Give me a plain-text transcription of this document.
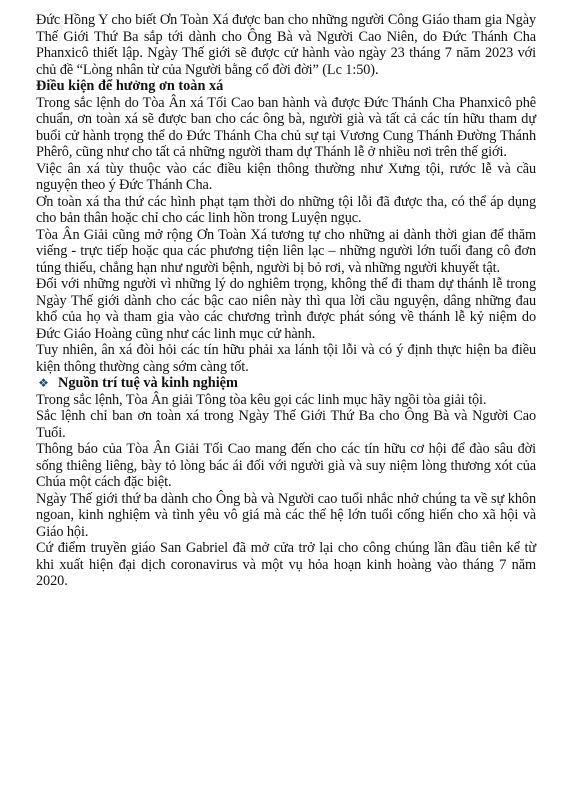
Đức Hồng Y cho biết Ơn Toàn Xá được ban cho những người Công Giáo tham gia Ngày Thế Giới Thứ Ba sắp tới dành cho Ông Bà và Người Cao Niên, do Đức Thánh Cha Phanxicô thiết lập. Ngày Thế giới sẽ được cử hành vào ngày 23 tháng 7 năm 2023 với chủ đề “Lòng nhân từ của Người bằng cổ đời đời” (Lc 1:50).

Điều kiện để hưởng ơn toàn xá

Trong sắc lệnh do Tòa Ân xá Tối Cao ban hành và được Đức Thánh Cha Phanxicô phê chuẩn, ơn toàn xá sẽ được ban cho các ông bà, người già và tất cả các tín hữu tham dự buổi cử hành trọng thể do Đức Thánh Cha chủ sự tại Vương Cung Thánh Đường Thánh Phêrô, cũng như cho tất cả những người tham dự Thánh lễ ở nhiều nơi trên thế giới.

Việc ân xá tùy thuộc vào các điều kiện thông thường như Xưng tội, rước lễ và cầu nguyện theo ý Đức Thánh Cha.

Ơn toàn xá tha thứ các hình phạt tạm thời do những tội lỗi đã được tha, có thể áp dụng cho bản thân hoặc chỉ cho các linh hồn trong Luyện ngục.

Tòa Ân Giải cũng mở rộng Ơn Toàn Xá tương tự cho những ai dành thời gian để thăm viếng - trực tiếp hoặc qua các phương tiện liên lạc – những người lớn tuổi đang cô đơn túng thiếu, chẳng hạn như người bệnh, người bị bỏ rơi, và những người khuyết tật.

Đối với những người vì những lý do nghiêm trọng, không thể đi tham dự thánh lễ trong Ngày Thế giới dành cho các bậc cao niên này thì qua lời cầu nguyện, dâng những đau khổ của họ và tham gia vào các chương trình được phát sóng về thánh lễ kỷ niệm do Đức Giáo Hoàng cũng như các linh mục cử hành.

Tuy nhiên, ân xá đòi hỏi các tín hữu phải xa lánh tội lỗi và có ý định thực hiện ba điều kiện thông thường càng sớm càng tốt.

❖ Nguồn trí tuệ và kinh nghiệm

Trong sắc lệnh, Tòa Ân giải Tông tòa kêu gọi các linh mục hãy ngồi tòa giải tội.

Sắc lệnh chỉ ban ơn toàn xá trong Ngày Thế Giới Thứ Ba cho Ông Bà và Người Cao Tuổi.

Thông báo của Tòa Ân Giải Tối Cao mang đến cho các tín hữu cơ hội để đào sâu đời sống thiêng liêng, bày tỏ lòng bác ái đối với người già và suy niệm lòng thương xót của Chúa một cách đặc biệt.

Ngày Thế giới thứ ba dành cho Ông bà và Người cao tuổi nhắc nhở chúng ta về sự khôn ngoan, kinh nghiệm và tình yêu vô giá mà các thế hệ lớn tuổi cống hiến cho xã hội và Giáo hội.

Cứ điểm truyền giáo San Gabriel đã mở cửa trở lại cho công chúng lần đầu tiên kể từ khi xuất hiện đại dịch coronavirus và một vụ hỏa hoạn kinh hoàng vào tháng 7 năm 2020.
